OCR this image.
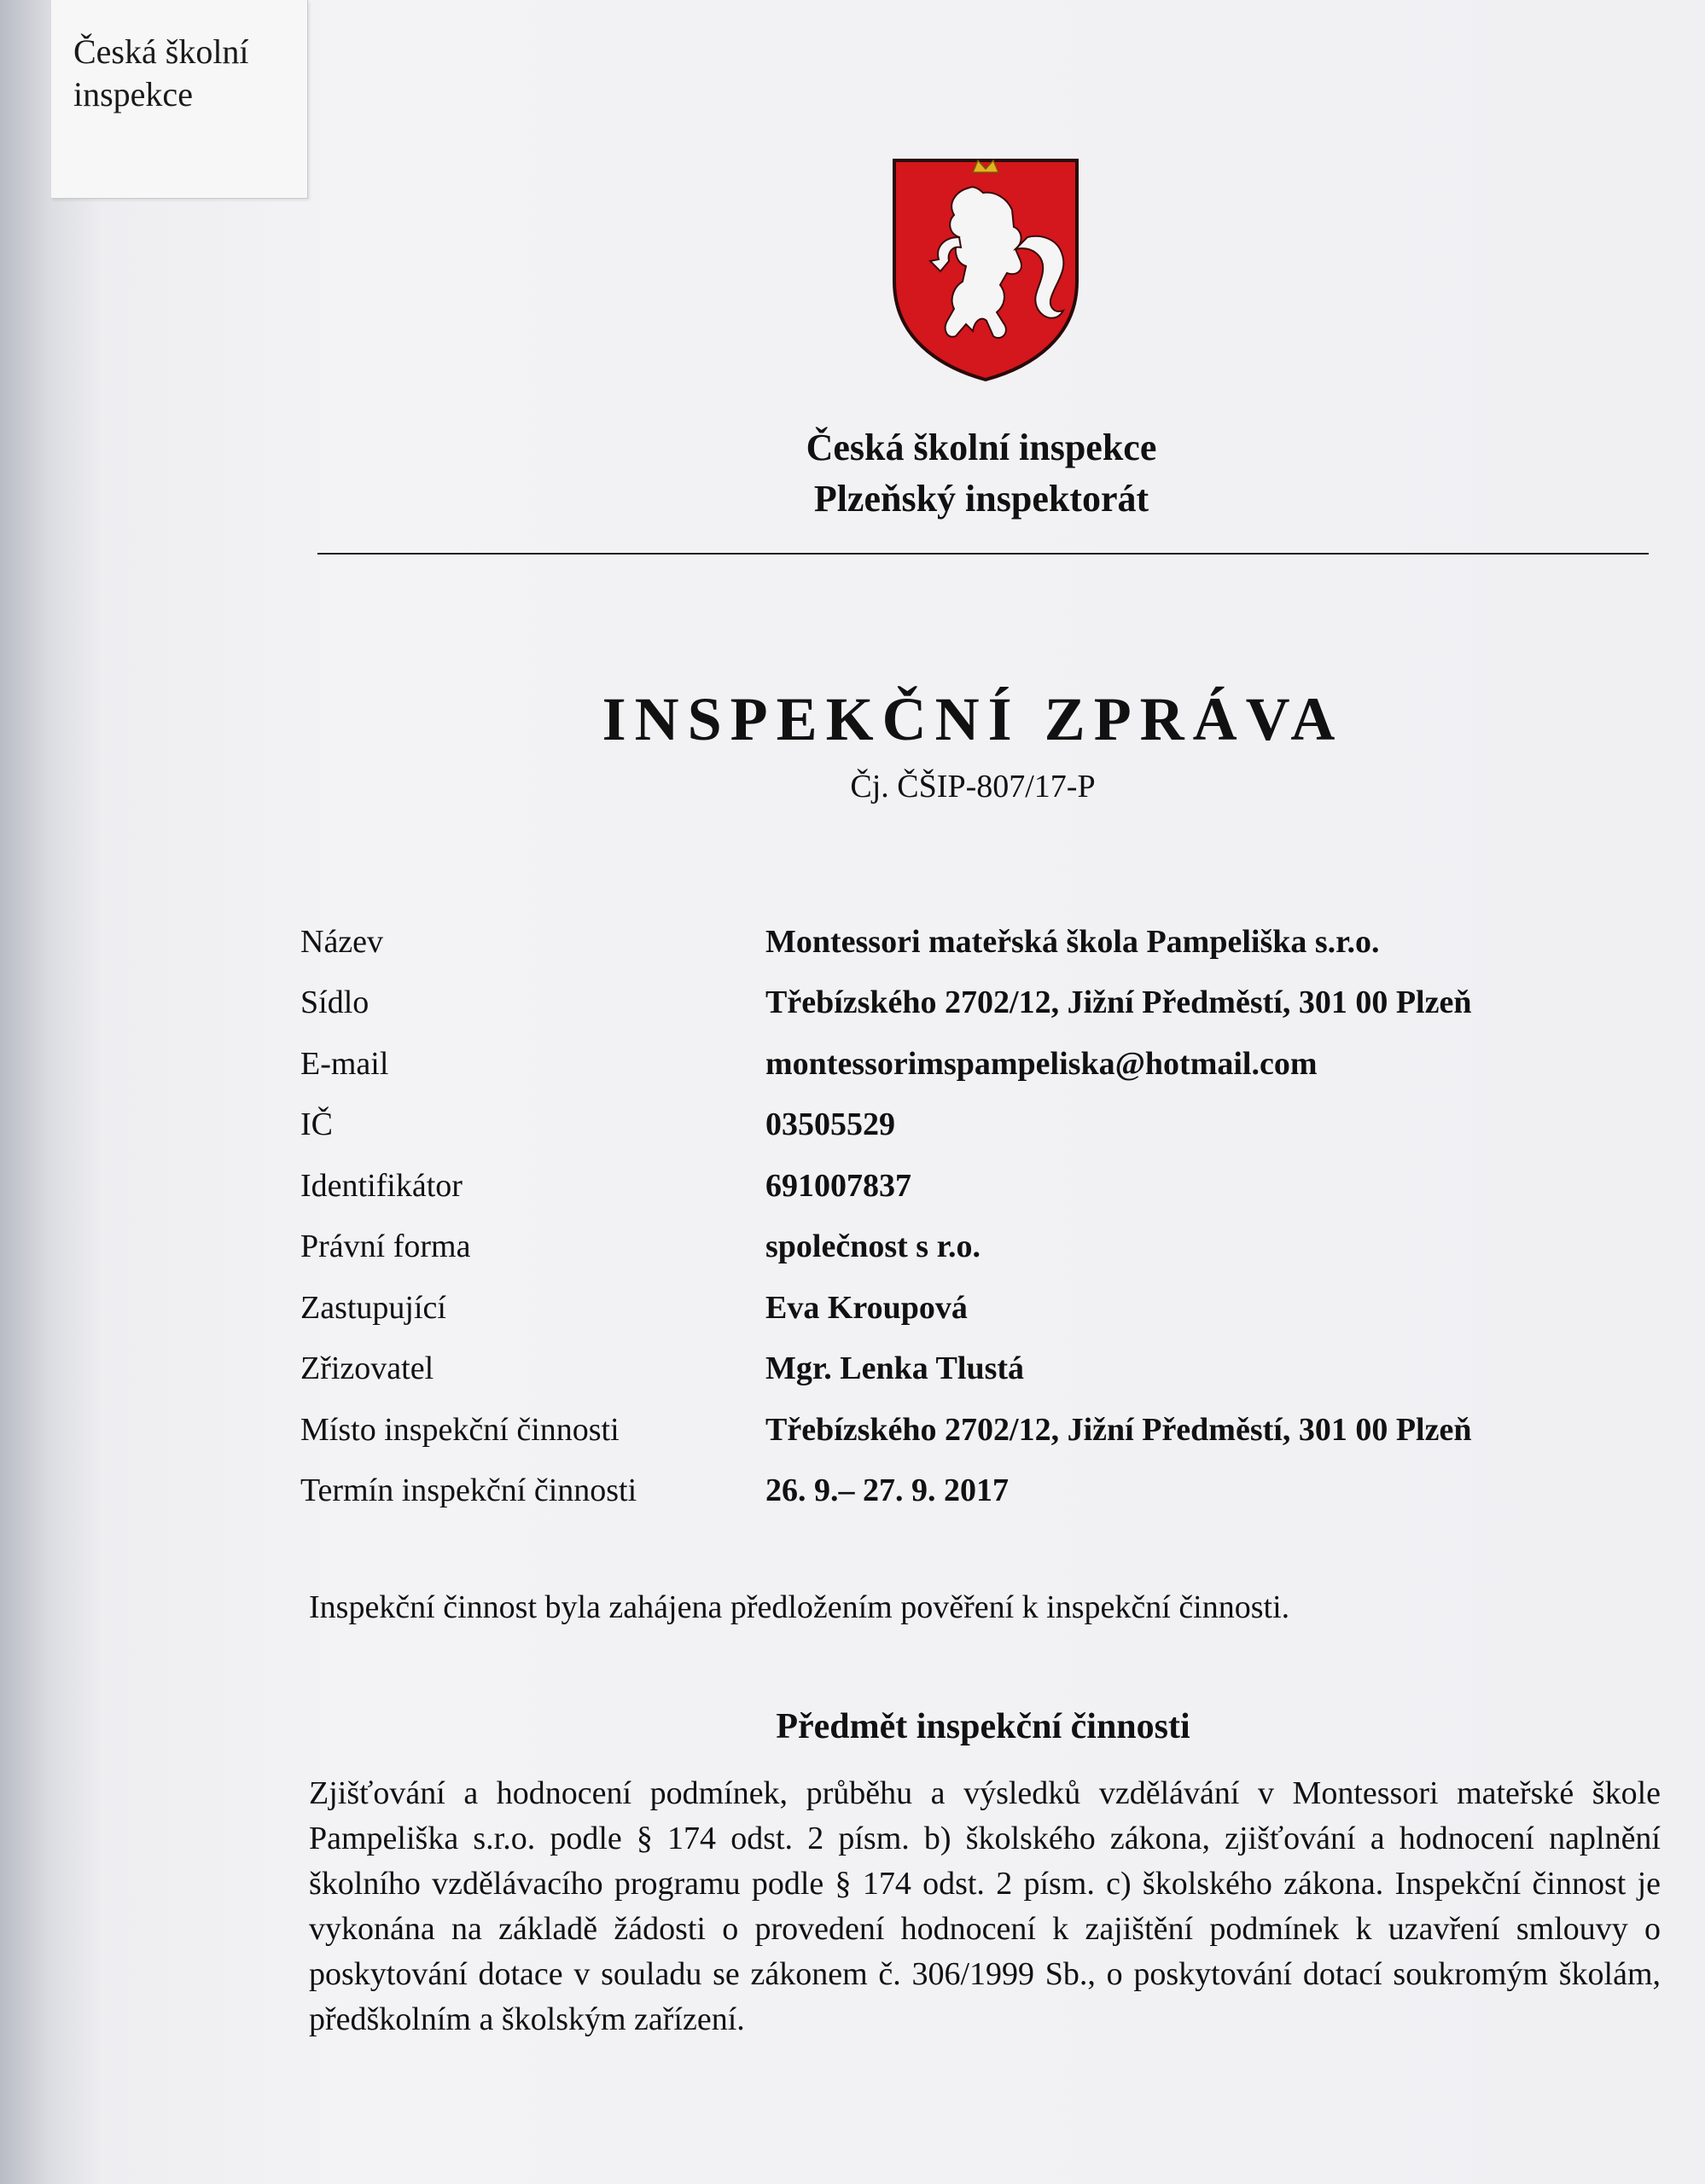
Česká školní
inspekce
Česká školní inspekce
Plzeňský inspektorát
INSPEKČNÍ ZPRÁVA
Čj. ČŠIP-807/17-P
Název	Montessori mateřská škola Pampeliška s.r.o.
Sídlo	Třebízského 2702/12, Jižní Předměstí, 301 00 Plzeň
E-mail	montessorimspampeliska@hotmail.com
IČ	03505529
Identifikátor	691007837
Právní forma	společnost s r.o.
Zastupující	Eva Kroupová
Zřizovatel	Mgr. Lenka Tlustá
Místo inspekční činnosti	Třebízského 2702/12, Jižní Předměstí, 301 00 Plzeň
Termín inspekční činnosti	26. 9.– 27. 9. 2017
Inspekční činnost byla zahájena předložením pověření k inspekční činnosti.
Předmět inspekční činnosti
Zjišťování a hodnocení podmínek, průběhu a výsledků vzdělávání v Montessori mateřské škole Pampeliška s.r.o. podle § 174 odst. 2 písm. b) školského zákona, zjišťování a hodnocení naplnění školního vzdělávacího programu podle § 174 odst. 2 písm. c) školského zákona. Inspekční činnost je vykonána na základě žádosti o provedení hodnocení k zajištění podmínek k uzavření smlouvy o poskytování dotace v souladu se zákonem č. 306/1999 Sb., o poskytování dotací soukromým školám, předškolním a školským zařízení.
